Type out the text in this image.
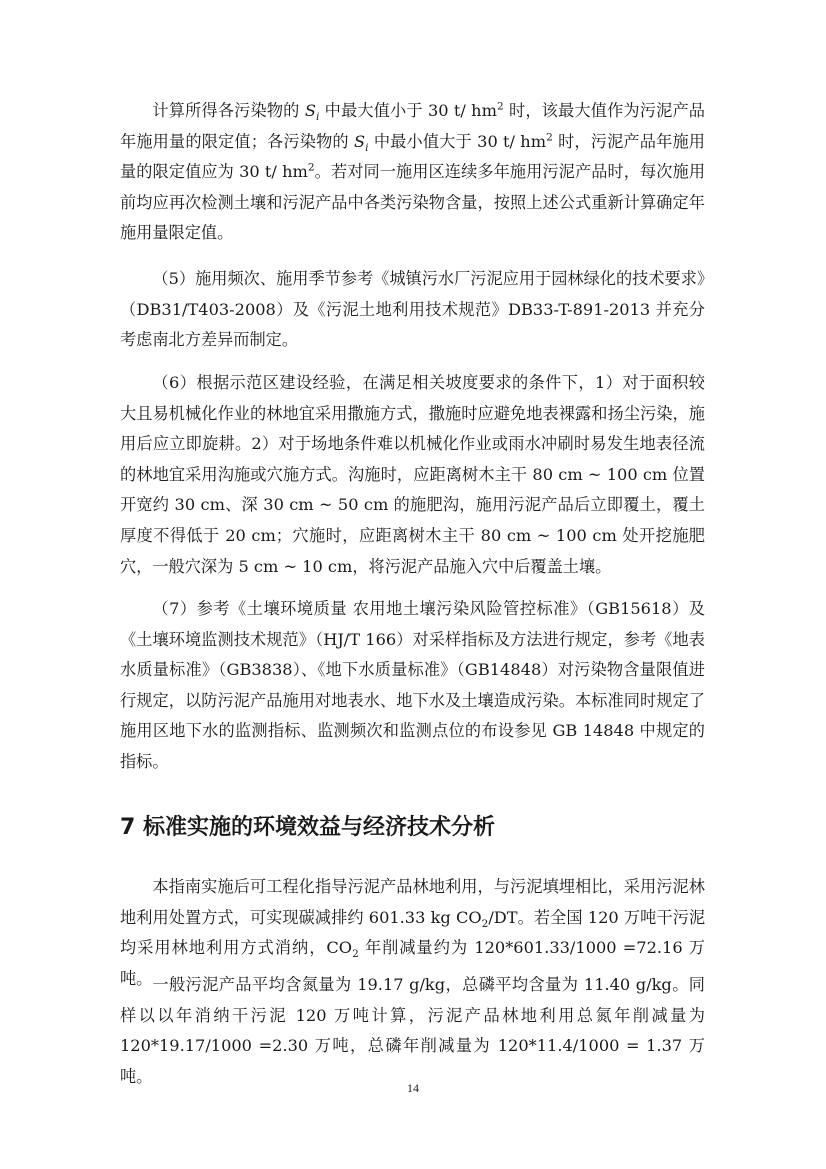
计算所得各污染物的 $S_i$ 中最大值小于 30 t/ $hm^2$ 时，该最大值作为污泥产品年施用量的限定值；各污染物的 $S_i$ 中最小值大于 30 t/ $hm^2$ 时，污泥产品年施用量的限定值应为 30 t/ $hm^2$。若对同一施用区连续多年施用污泥产品时，每次施用前均应再次检测土壤和污泥产品中各类污染物含量，按照上述公式重新计算确定年施用量限定值。

（5）施用频次、施用季节参考《城镇污水厂污泥应用于园林绿化的技术要求》（DB31/T403-2008）及《污泥土地利用技术规范》DB33-T-891-2013 并充分考虑南北方差异而制定。

（6）根据示范区建设经验，在满足相关坡度要求的条件下，1）对于面积较大且易机械化作业的林地宜采用撒施方式，撒施时应避免地表裸露和扬尘污染，施用后应立即旋耕。2）对于场地条件难以机械化作业或雨水冲刷时易发生地表径流的林地宜采用沟施或穴施方式。沟施时，应距离树木主干 80 cm ~ 100 cm 位置开宽约 30 cm、深 30 cm ~ 50 cm 的施肥沟，施用污泥产品后立即覆土，覆土厚度不得低于 20 cm；穴施时，应距离树木主干 80 cm ~ 100 cm 处开挖施肥穴，一般穴深为 5 cm ~ 10 cm，将污泥产品施入穴中后覆盖土壤。

（7）参考《土壤环境质量 农用地土壤污染风险管控标准》（GB15618）及《土壤环境监测技术规范》（HJ/T 166）对采样指标及方法进行规定，参考《地表水质量标准》（GB3838）、《地下水质量标准》（GB14848）对污染物含量限值进行规定，以防污泥产品施用对地表水、地下水及土壤造成污染。本标准同时规定了施用区地下水的监测指标、监测频次和监测点位的布设参见 GB 14848 中规定的指标。

7 标准实施的环境效益与经济技术分析

本指南实施后可工程化指导污泥产品林地利用，与污泥填埋相比，采用污泥林地利用处置方式，可实现碳减排约 601.33 kg $CO_2/DT$。若全国 120 万吨干污泥均采用林地利用方式消纳，$CO_2$ 年削减量约为 120*601.33/1000 =72.16 万吨。 一般污泥产品平均含氮量为 19.17 g/kg，总磷平均含量为 11.40 g/kg。同样以以年消纳干污泥 120 万吨计算，污泥产品林地利用总氮年削减量为 120*19.17/1000 =2.30 万吨，总磷年削减量为 120*11.4/1000 = 1.37 万吨。

14
